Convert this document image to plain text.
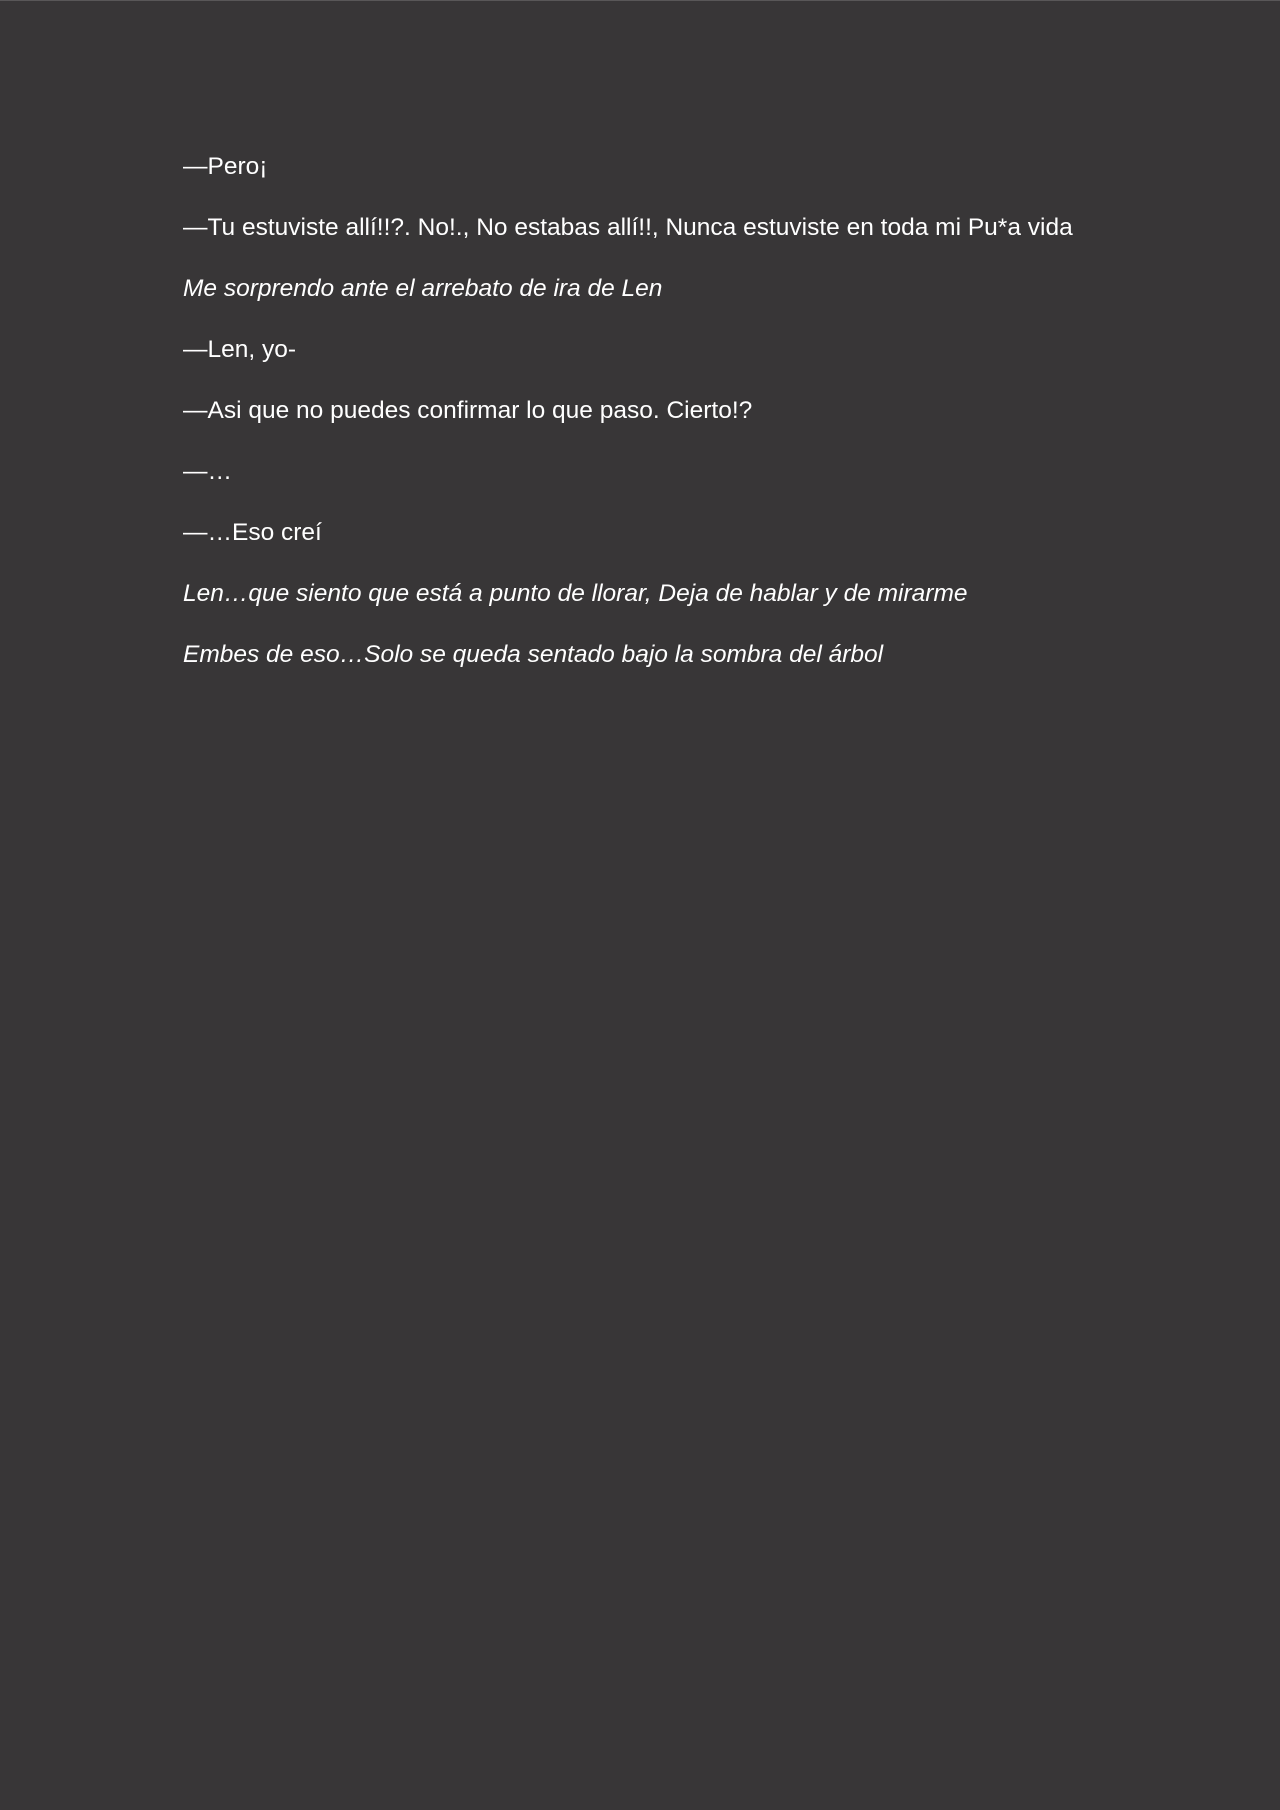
—Pero¡

—Tu estuviste allí!!?. No!., No estabas allí!!, Nunca estuviste en toda mi Pu*a vida

Me sorprendo ante el arrebato de ira de Len

—Len, yo-

—Asi que no puedes confirmar lo que paso. Cierto!?

—…

—…Eso creí

Len…que siento que está a punto de llorar, Deja de hablar y de mirarme

Embes de eso…Solo se queda sentado bajo la sombra del árbol
